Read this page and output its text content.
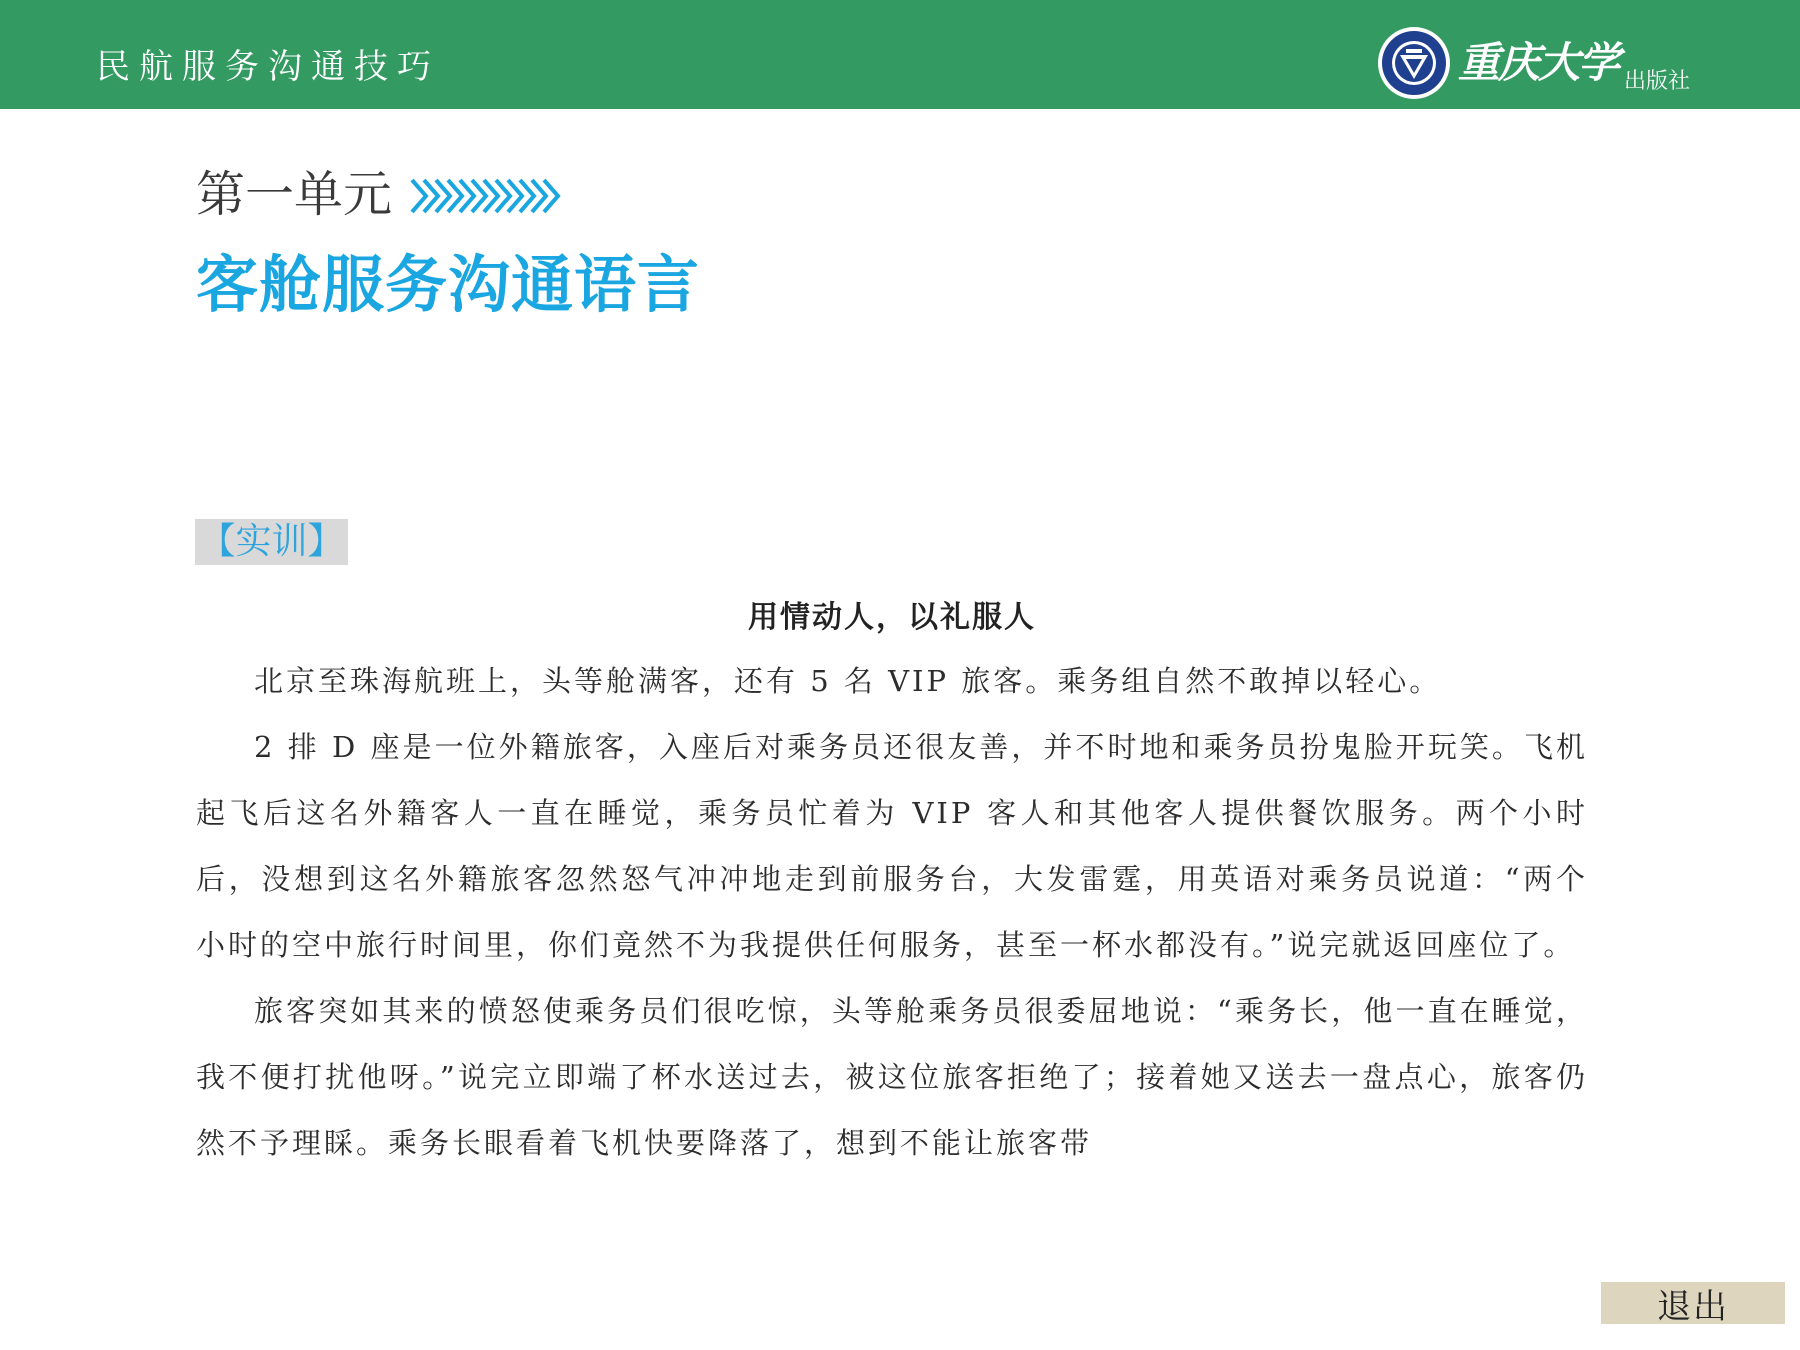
民航服务沟通技巧	重庆大学 出版社
第一单元
客舱服务沟通语言
【实训】
用情动人，以礼服人

北京至珠海航班上，头等舱满客，还有 5 名 VIP 旅客。乘务组自然不敢掉以轻心。

2 排 D 座是一位外籍旅客，入座后对乘务员还很友善，并不时地和乘务员扮鬼脸开玩笑。飞机起飞后这名外籍客人一直在睡觉，乘务员忙着为 VIP 客人和其他客人提供餐饮服务。两个小时后，没想到这名外籍旅客忽然怒气冲冲地走到前服务台，大发雷霆，用英语对乘务员说道：“两个小时的空中旅行时间里，你们竟然不为我提供任何服务，甚至一杯水都没有。”说完就返回座位了。

旅客突如其来的愤怒使乘务员们很吃惊，头等舱乘务员很委屈地说：“乘务长，他一直在睡觉，我不便打扰他呀。”说完立即端了杯水送过去，被这位旅客拒绝了；接着她又送去一盘点心，旅客仍然不予理睬。乘务长眼看着飞机快要降落了，想到不能让旅客带

退出
